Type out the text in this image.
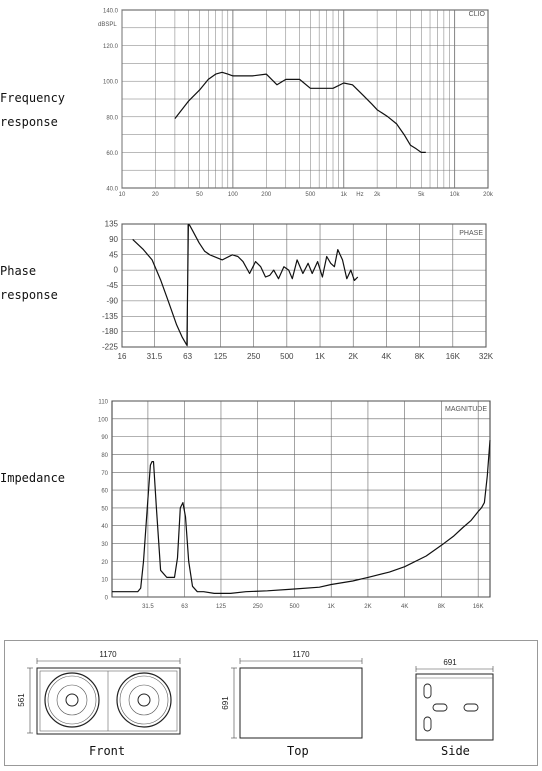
Frequency
response
Phase
response
Impedance
10	20	50	100	200	500	1k Hz 2k	5k	10k	20k
40.0
60.0
80.0
100.0
120.0
140.0
dBSPL
CLIO
16	31.5	63	125 250 500	1K	2K	4K	8K	16K 32K
135
90
45
0
-45
-90
-135
-180
-225
PHASE
31.5	63	125	250	500	1K	2K	4K	8K	16K
0
10
20
30
40
50
60
70
80
90
100
110
MAGNITUDE
1170
561
1170
691
691
Front	Top	Side
